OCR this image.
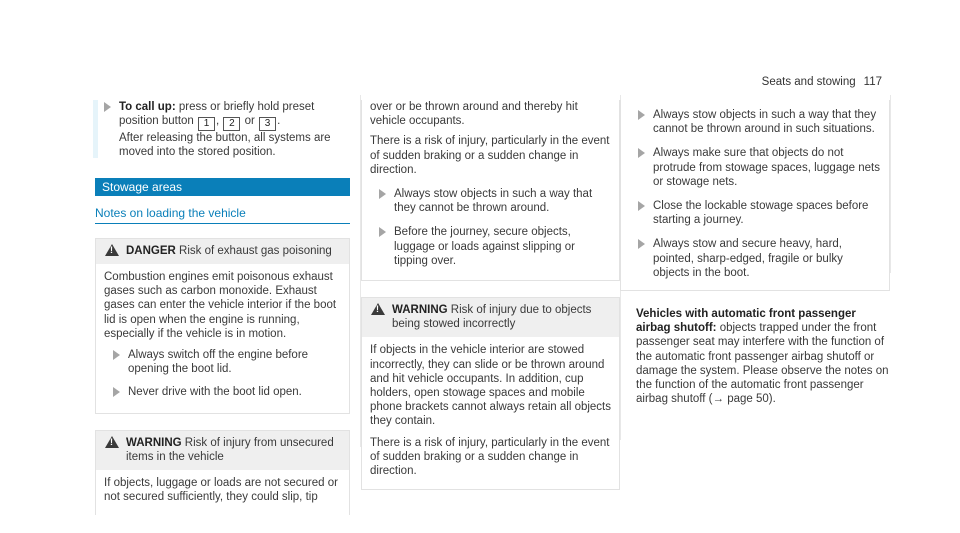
Seats and stowing 117
To call up: press or briefly hold preset position button 1 , 2 or 3 .
After releasing the button, all systems are moved into the stored position.
Stowage areas
Notes on loading the vehicle
!
DANGER Risk of exhaust gas poisoning

Combustion engines emit poisonous exhaust gases such as carbon monoxide. Exhaust gases can enter the vehicle interior if the boot lid is open when the engine is running, especially if the vehicle is in motion.

Always switch off the engine before opening the boot lid.
Never drive with the boot lid open.
!
WARNING Risk of injury from unsecured items in the vehicle

If objects, luggage or loads are not secured or not secured sufficiently, they could slip, tip

over or be thrown around and thereby hit vehicle occupants.

There is a risk of injury, particularly in the event of sudden braking or a sudden change in direction.

Always stow objects in such a way that they cannot be thrown around.
Before the journey, secure objects, luggage or loads against slipping or tipping over.
!
WARNING Risk of injury due to objects being stowed incorrectly

If objects in the vehicle interior are stowed incorrectly, they can slide or be thrown around and hit vehicle occupants. In addition, cup holders, open stowage spaces and mobile phone brackets cannot always retain all objects they contain.

There is a risk of injury, particularly in the event of sudden braking or a sudden change in direction.

Always stow objects in such a way that they cannot be thrown around in such situations.
Always make sure that objects do not protrude from stowage spaces, luggage nets or stowage nets.
Close the lockable stowage spaces before starting a journey.
Always stow and secure heavy, hard, pointed, sharp-edged, fragile or bulky objects in the boot.

Vehicles with automatic front passenger airbag shutoff: objects trapped under the front passenger seat may interfere with the function of the automatic front passenger airbag shutoff or damage the system. Please observe the notes on the function of the automatic front passenger airbag shutoff (→ page 50).
